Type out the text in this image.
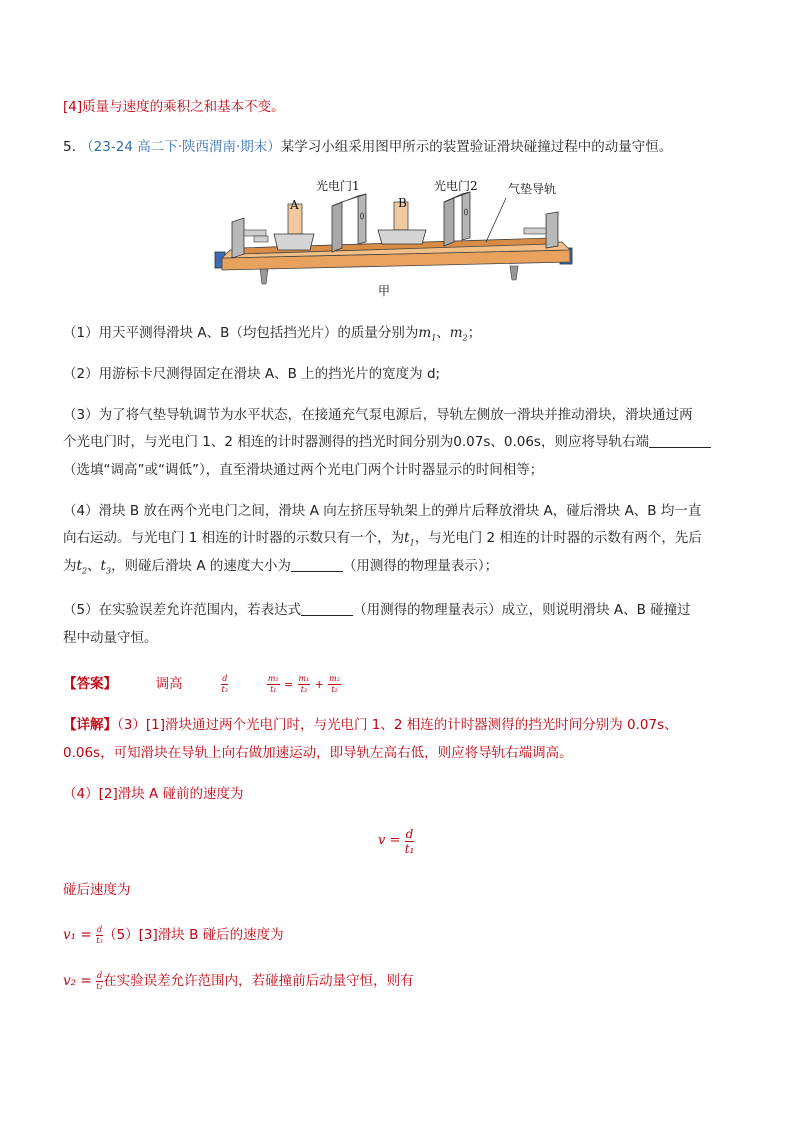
[4]质量与速度的乘积之和基本不变。
5. （23-24 高二下·陕西渭南·期末）某学习小组采用图甲所示的装置验证滑块碰撞过程中的动量守恒。
光电门1	光电门2	气垫导轨
A	B
甲
（1）用天平测得滑块 A、B（均包括挡光片）的质量分别为$m_1$、$m_2$；
（2）用游标卡尺测得固定在滑块 A、B 上的挡光片的宽度为 d;
（3）为了将气垫导轨调节为水平状态，在接通充气泵电源后，导轨左侧放一滑块并推动滑块，滑块通过两
个光电门时，与光电门 1、2 相连的计时器测得的挡光时间分别为0.07s、0.06s，则应将导轨右端
（选填“调高”或“调低”），直至滑块通过两个光电门两个计时器显示的时间相等；
（4）滑块 B 放在两个光电门之间，滑块 A 向左挤压导轨架上的弹片后释放滑块 A，碰后滑块 A、B 均一直
向右运动。与光电门 1 相连的计时器的示数只有一个，为$t_1$，与光电门 2 相连的计时器的示数有两个，先后
为$t_2$、$t_3$，则碰后滑块 A 的速度大小为	（用测得的物理量表示）；
（5）在实验误差允许范围内，若表达式	（用测得的物理量表示）成立，则说明滑块 A、B 碰撞过
程中动量守恒。
【答案】	调高	$\frac{d}{\text{t₃}}$
	$\frac{\text{m₁}}{\text{t₁}} = \frac{\text{m₁}}{\text{t₃}} + \frac{\text{m₂}}{\text{t₂}}$
【详解】（3）[1]滑块通过两个光电门时，与光电门 1、2 相连的计时器测得的挡光时间分别为 0.07s、
0.06s，可知滑块在导轨上向右做加速运动，即导轨左高右低，则应将导轨右端调高。
（4）[2]滑块 A 碰前的速度为
$v = \frac{d}{\text{t₁}}$
碰后速度为
$v_1 = \frac{d}{\text{t₃}} (5)[3]$滑块 B 碰后的速度为
$v_2 = \frac{d}{\text{t₂}}$ 在实验误差允许范围内，若碰撞前后动量守恒，则有
